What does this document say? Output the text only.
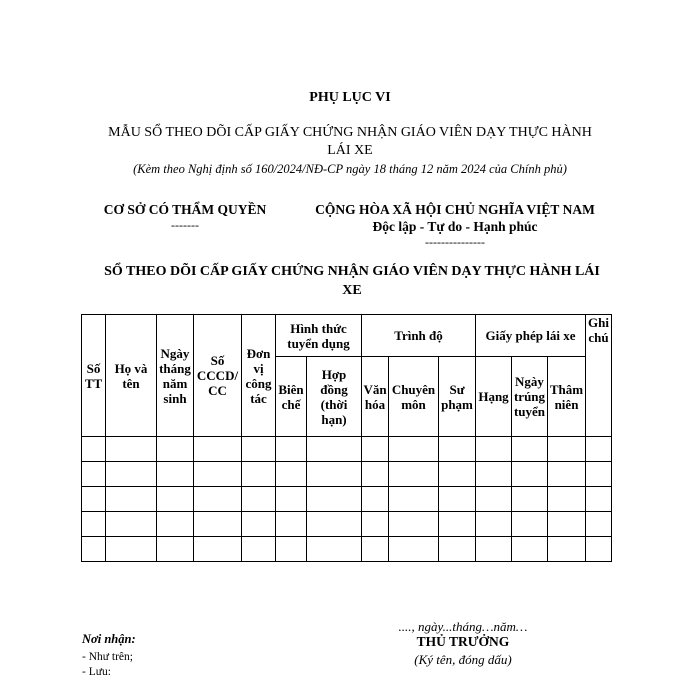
PHỤ LỤC VI
MẪU SỔ THEO DÕI CẤP GIẤY CHỨNG NHẬN GIÁO VIÊN DẠY THỰC HÀNH
LÁI XE
(Kèm theo Nghị định số 160/2024/NĐ-CP ngày 18 tháng 12 năm 2024 của Chính phủ)
CƠ SỞ CÓ THẨM QUYỀN
-------
CỘNG HÒA XÃ HỘI CHỦ NGHĨA VIỆT NAM
Độc lập - Tự do - Hạnh phúc
---------------
SỔ THEO DÕI CẤP GIẤY CHỨNG NHẬN GIÁO VIÊN DẠY THỰC HÀNH LÁI
XE
Số TT	Họ và tên	Ngày tháng năm sinh	Số CCCD/ CC	Đơn vị công tác	Hình thức tuyển dụng		Trình độ			Giấy phép lái xe			Ghi chú
					Biên chế	Hợp đồng (thời hạn)	Văn hóa	Chuyên môn	Sư phạm	Hạng	Ngày trúng tuyển	Thâm niên	

Nơi nhận:
- Như trên;
- Lưu:
...., ngày...tháng…năm…
THỦ TRƯỞNG
(Ký tên, đóng dấu)
